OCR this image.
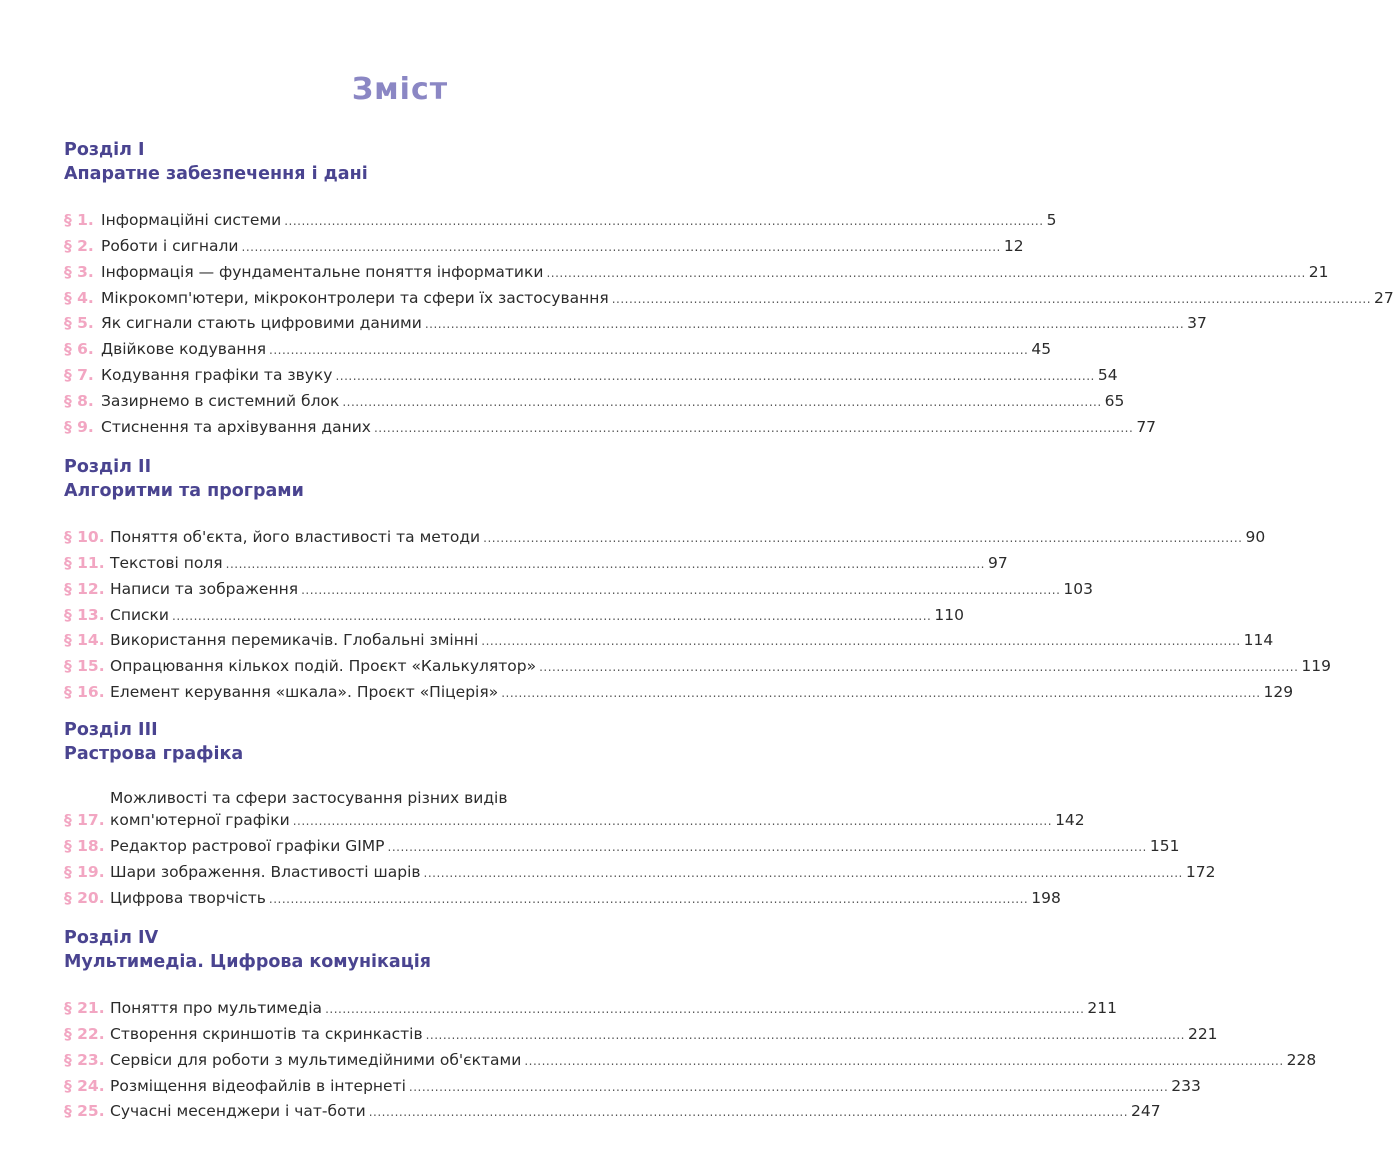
Зміст
Розділ І
Апаратне забезпечення і дані
§ 1. Інформаційні системи .....	5
§ 2. Роботи і сигнали .....	12
§ 3. Інформація — фундаментальне поняття інформатики .....	21
§ 4. Мікрокомп'ютери, мікроконтролери та сфери їх застосування .....	27
§ 5. Як сигнали стають цифровими даними .....	37
§ 6. Двійкове кодування .....	45
§ 7. Кодування графіки та звуку .....	54
§ 8. Зазирнемо в системний блок .....	65
§ 9. Стиснення та архівування даних .....	77
Розділ ІІ
Алгоритми та програми
§ 10. Поняття об'єкта, його властивості та методи .....	90
§ 11. Текстові поля .....	97
§ 12. Написи та зображення .....	103
§ 13. Списки .....	110
§ 14. Використання перемикачів. Глобальні змінні .....	114
§ 15. Опрацювання кількох подій. Проєкт «Калькулятор» .....	119
§ 16. Елемент керування «шкала». Проєкт «Піцерія» .....	129
Розділ ІІІ
Растрова графіка
§ 17.
Можливості та сфери застосування різних видів
комп'ютерної графіки .....	142
§ 18. Редактор растрової графіки GIMP .....	151
§ 19. Шари зображення. Властивості шарів .....	172
§ 20. Цифрова творчість .....	198
Розділ IV
Мультимедіа. Цифрова комунікація
§ 21. Поняття про мультимедіа .....	211
§ 22. Створення скриншотів та скринкастів .....	221
§ 23. Сервіси для роботи з мультимедійними об'єктами .....	228
§ 24. Розміщення відеофайлів в інтернеті .....	233
§ 25. Сучасні месенджери і чат-боти .....	247
